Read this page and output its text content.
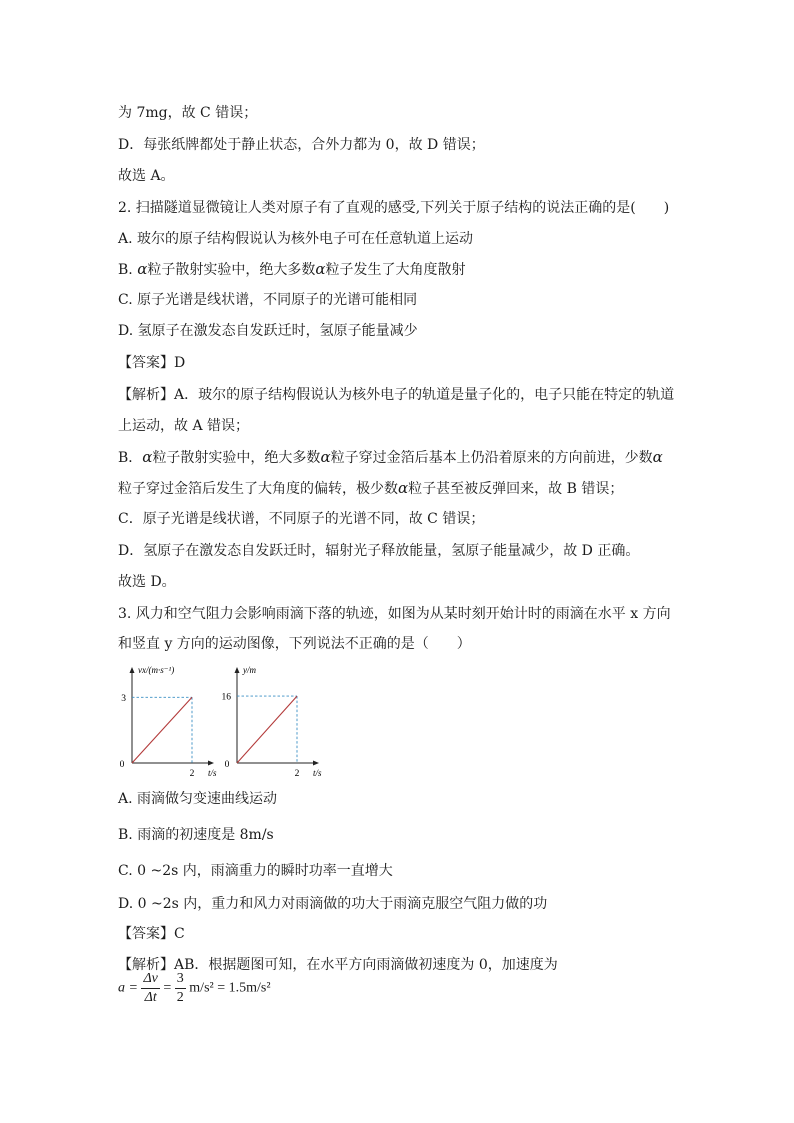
为 7mg，故 C 错误；
D．每张纸牌都处于静止状态，合外力都为 0，故 D 错误；
故选 A。
2. 扫描隧道显微镜让人类对原子有了直观的感受,下列关于原子结构的说法正确的是(　　)
A. 玻尔的原子结构假说认为核外电子可在任意轨道上运动
B. α粒子散射实验中，绝大多数α粒子发生了大角度散射
C. 原子光谱是线状谱，不同原子的光谱可能相同
D. 氢原子在激发态自发跃迁时，氢原子能量减少
【答案】D
【解析】A．玻尔的原子结构假说认为核外电子的轨道是量子化的，电子只能在特定的轨道
上运动，故 A 错误；
B．α粒子散射实验中，绝大多数α粒子穿过金箔后基本上仍沿着原来的方向前进，少数α
粒子穿过金箔后发生了大角度的偏转，极少数α粒子甚至被反弹回来，故 B 错误；
C．原子光谱是线状谱，不同原子的光谱不同，故 C 错误；
D．氢原子在激发态自发跃迁时，辐射光子释放能量，氢原子能量减少，故 D 正确。
故选 D。
3. 风力和空气阻力会影响雨滴下落的轨迹，如图为从某时刻开始计时的雨滴在水平 x 方向
和竖直 y 方向的运动图像，下列说法不正确的是（　　）
0
2
3
t/s
vx/(m·s⁻¹)
0
2
16
t/s
y/m
A. 雨滴做匀变速曲线运动
B. 雨滴的初速度是 8m/s
C. 0 ~2s 内，雨滴重力的瞬时功率一直增大
D. 0 ~2s 内，重力和风力对雨滴做的功大于雨滴克服空气阻力做的功
【答案】C
【解析】AB．根据题图可知，在水平方向雨滴做初速度为 0，加速度为
$a = \frac{\Delta v}{\Delta t} = \frac{3}{2} m/s^2 = 1.5m/s^2$
